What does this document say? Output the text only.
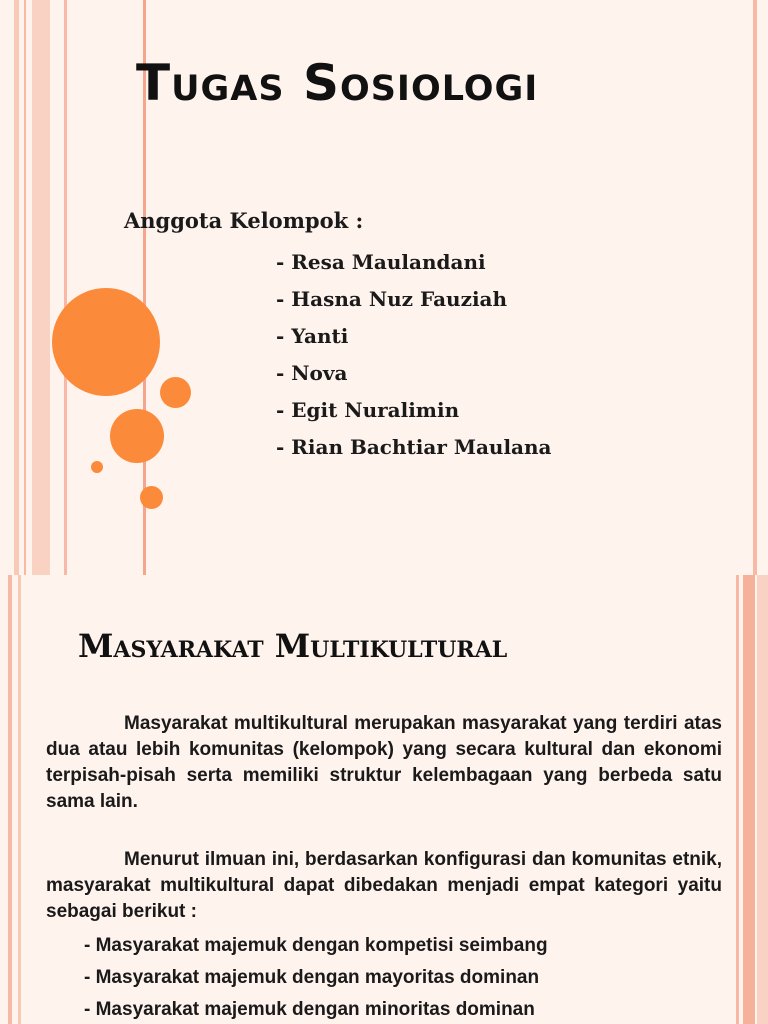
Tugas Sosiologi
Anggota Kelompok :
- Resa Maulandani
- Hasna Nuz Fauziah
- Yanti
- Nova
- Egit Nuralimin
- Rian Bachtiar Maulana
Masyarakat Multikultural

Masyarakat multikultural merupakan masyarakat yang terdiri atas dua atau lebih komunitas (kelompok) yang secara kultural dan ekonomi terpisah-pisah serta memiliki struktur kelembagaan yang berbeda satu sama lain.

Menurut ilmuan ini, berdasarkan konfigurasi dan komunitas etnik, masyarakat multikultural dapat dibedakan menjadi empat kategori yaitu sebagai berikut :

- Masyarakat majemuk dengan kompetisi seimbang
- Masyarakat majemuk dengan mayoritas dominan
- Masyarakat majemuk dengan minoritas dominan
